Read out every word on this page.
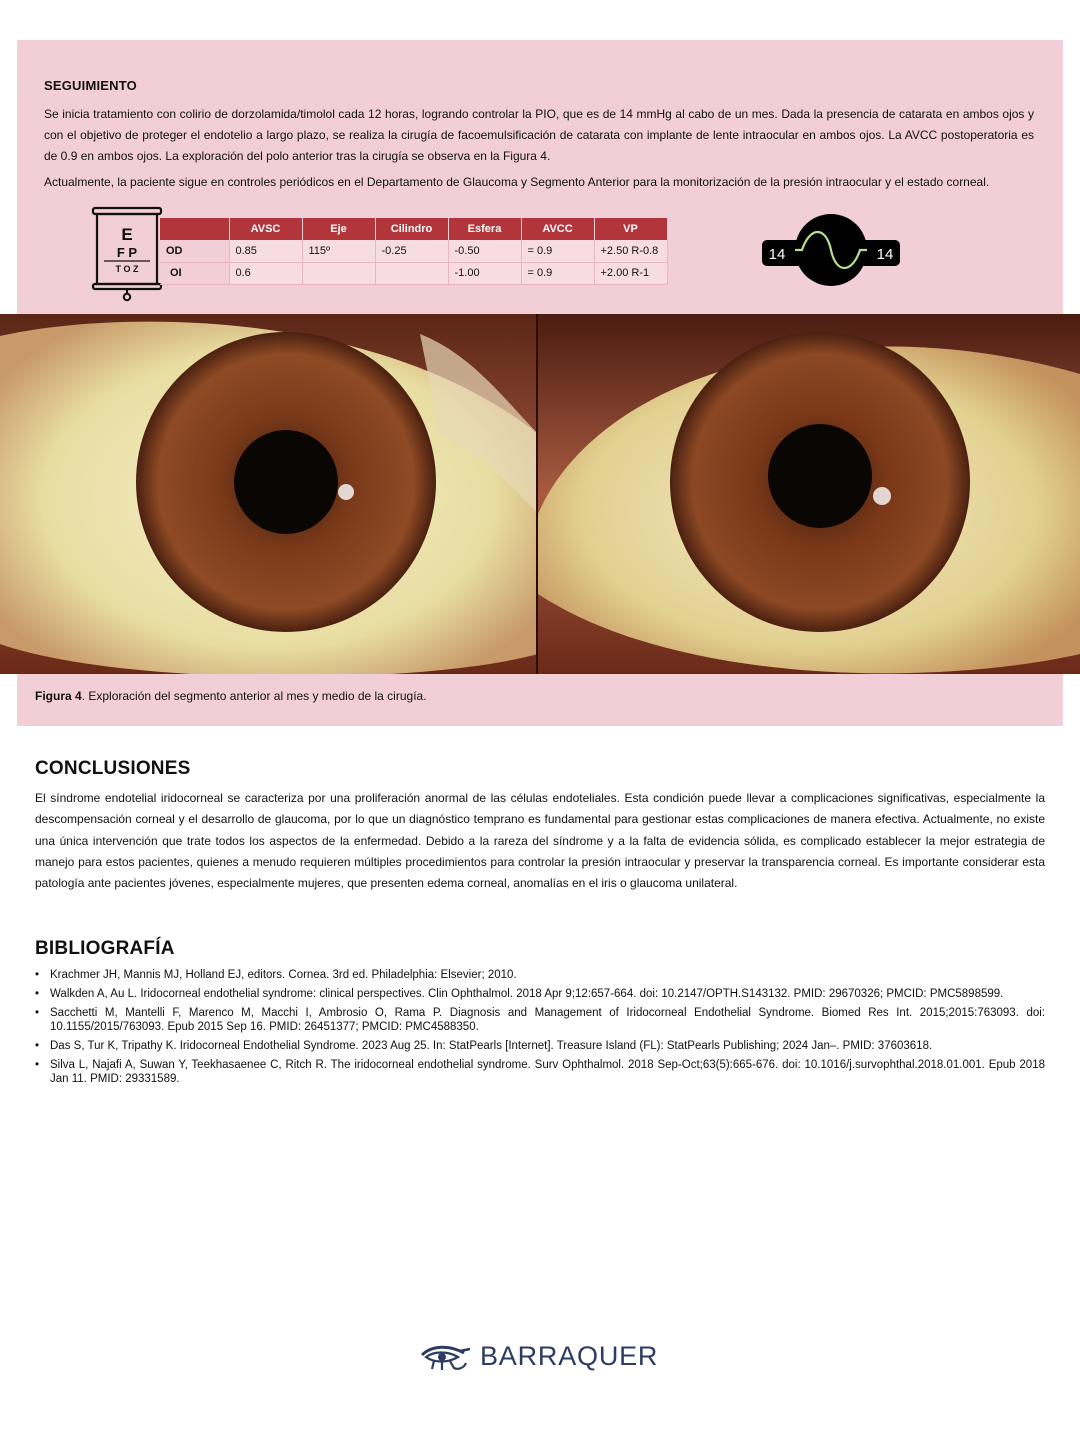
SEGUIMIENTO

Se inicia tratamiento con colirio de dorzolamida/timolol cada 12 horas, logrando controlar la PIO, que es de 14 mmHg al cabo de un mes. Dada la presencia de catarata en ambos ojos y con el objetivo de proteger el endotelio a largo plazo, se realiza la cirugía de facoemulsificación de catarata con implante de lente intraocular en ambos ojos. La AVCC postoperatoria es de 0.9 en ambos ojos. La exploración del polo anterior tras la cirugía se observa en la Figura 4.

Actualmente, la paciente sigue en controles periódicos en el Departamento de Glaucoma y Segmento Anterior para la monitorización de la presión intraocular y el estado corneal.

E
F P
T O Z
	AVSC	Eje	Cilindro	Esfera	AVCC	VP
OD	0.85	115º	-0.25	-0.50	= 0.9	+2.50 R-0.8
OI	0.6			-1.00	= 0.9	+2.00 R-1
14	14

Figura 4. Exploración del segmento anterior al mes y medio de la cirugía.

CONCLUSIONES

El síndrome endotelial iridocorneal se caracteriza por una proliferación anormal de las células endoteliales. Esta condición puede llevar a complicaciones significativas, especialmente la descompensación corneal y el desarrollo de glaucoma, por lo que un diagnóstico temprano es fundamental para gestionar estas complicaciones de manera efectiva. Actualmente, no existe una única intervención que trate todos los aspectos de la enfermedad. Debido a la rareza del síndrome y a la falta de evidencia sólida, es complicado establecer la mejor estrategia de manejo para estos pacientes, quienes a menudo requieren múltiples procedimientos para controlar la presión intraocular y preservar la transparencia corneal. Es importante considerar esta patología ante pacientes jóvenes, especialmente mujeres, que presenten edema corneal, anomalías en el iris o glaucoma unilateral.

BIBLIOGRAFÍA
• Krachmer JH, Mannis MJ, Holland EJ, editors. Cornea. 3rd ed. Philadelphia: Elsevier; 2010.
• Walkden A, Au L. Iridocorneal endothelial syndrome: clinical perspectives. Clin Ophthalmol. 2018 Apr 9;12:657-664. doi: 10.2147/OPTH.S143132. PMID: 29670326; PMCID: PMC5898599.
• Sacchetti M, Mantelli F, Marenco M, Macchi I, Ambrosio O, Rama P. Diagnosis and Management of Iridocorneal Endothelial Syndrome. Biomed Res Int. 2015;2015:763093. doi: 10.1155/2015/763093. Epub 2015 Sep 16. PMID: 26451377; PMCID: PMC4588350.
• Das S, Tur K, Tripathy K. Iridocorneal Endothelial Syndrome. 2023 Aug 25. In: StatPearls [Internet]. Treasure Island (FL): StatPearls Publishing; 2024 Jan–. PMID: 37603618.
• Silva L, Najafi A, Suwan Y, Teekhasaenee C, Ritch R. The iridocorneal endothelial syndrome. Surv Ophthalmol. 2018 Sep-Oct;63(5):665-676. doi: 10.1016/j.survophthal.2018.01.001. Epub 2018 Jan 11. PMID: 29331589.
BARRAQUER
